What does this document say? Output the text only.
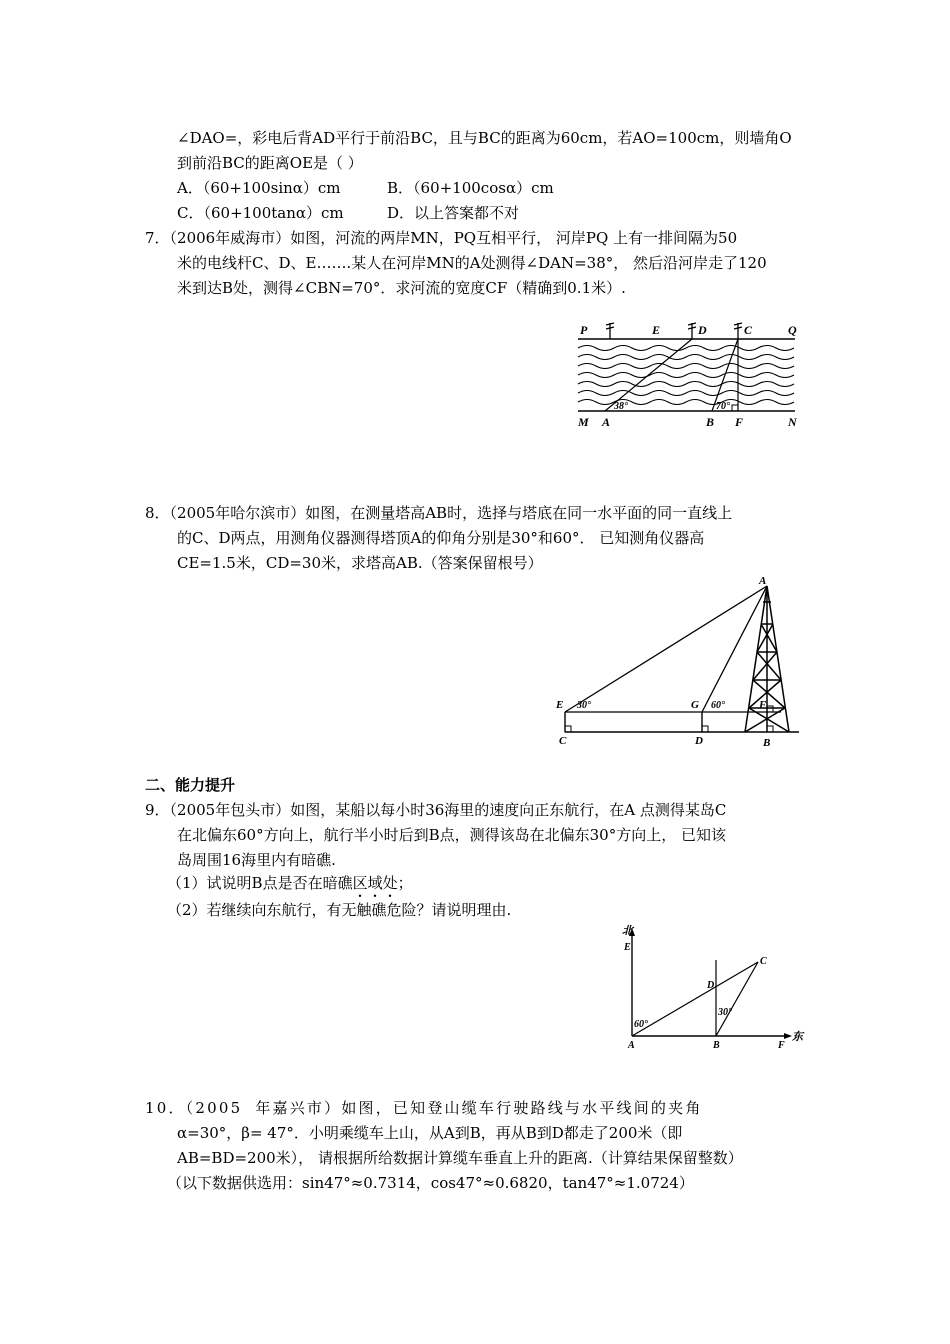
∠DAO=，彩电后背AD平行于前沿BC，且与BC的距离为60cm，若AO=100cm，则墙角O
到前沿BC的距离OE是（ ）
A．（60+100sinα）cm	B．（60+100cosα）cm
C．（60+100tanα）cm	D．以上答案都不对
7．（2006年威海市）如图，河流的两岸MN，PQ互相平行， 河岸PQ 上有一排间隔为50
米的电线杆C、D、E…….某人在河岸MN的A处测得∠DAN=38°， 然后沿河岸走了120
米到达B处，测得∠CBN=70°．求河流的宽度CF（精确到0.1米）.
38°	70°
P	E	D	C	Q
M A	B F	N
8．（2005年哈尔滨市）如图，在测量塔高AB时，选择与塔底在同一水平面的同一直线上
的C、D两点，用测角仪器测得塔顶A的仰角分别是30°和60°． 已知测角仪器高
CE=1.5米，CD=30米，求塔高AB.（答案保留根号）
30°	60°
A
E	G	F
C	D	B
二、能力提升
9．（2005年包头市）如图，某船以每小时36海里的速度向正东航行，在A 点测得某岛C
在北偏东60°方向上，航行半小时后到B点，测得该岛在北偏东30°方向上， 已知该
岛周围16海里内有暗礁.
（1）试说明B点是否在暗礁区域处；
（2）若继续向东航行，有无触礁危险？请说明理由.
60°
30°
北
东
E
C
D
A	B	F
10．（2005 年嘉兴市）如图，已知登山缆车行驶路线与水平线间的夹角
α=30°，β= 47°．小明乘缆车上山，从A到B，再从B到D都走了200米（即
AB=BD=200米）， 请根据所给数据计算缆车垂直上升的距离.（计算结果保留整数）
（以下数据供选用：sin47°≈0.7314，cos47°≈0.6820，tan47°≈1.0724）
